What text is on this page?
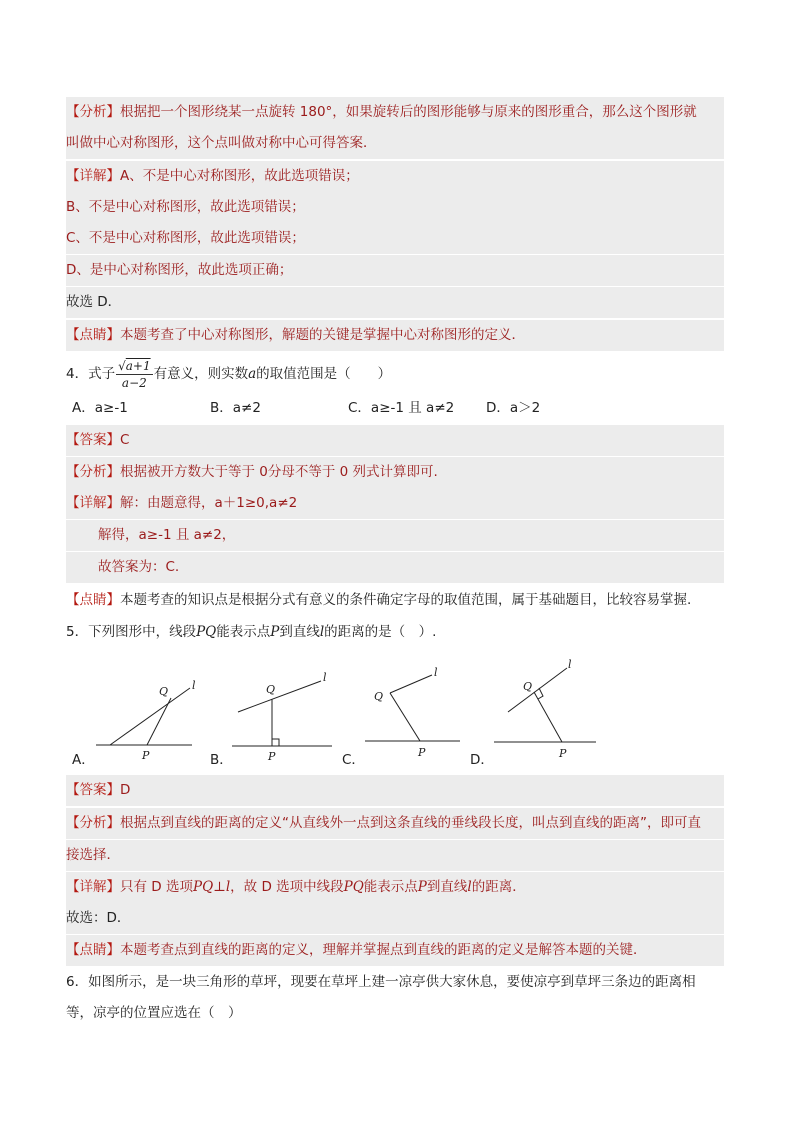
【分析】根据把一个图形绕某一点旋转 180°，如果旋转后的图形能够与原来的图形重合，那么这个图形就
叫做中心对称图形，这个点叫做对称中心可得答案．
【详解】A、不是中心对称图形，故此选项错误；
B、不是中心对称图形，故此选项错误；
C、不是中心对称图形，故此选项错误；
D、是中心对称图形，故此选项正确；
故选 D．
【点睛】本题考查了中心对称图形，解题的关键是掌握中心对称图形的定义．
4．式子 $\frac{√a+1}{a-2}$ 有意义，则实数a的取值范围是（　　）
A．a≥-1	B．a≠2	C．a≥-1 且 a≠2 D．a＞2
【答案】C
【分析】根据被开方数大于等于 0分母不等于 0 列式计算即可.
【详解】解：由题意得，a＋1≥0,a≠2
解得，a≥-1 且 a≠2，
故答案为：C.
【点睛】本题考查的知识点是根据分式有意义的条件确定字母的取值范围，属于基础题目，比较容易掌握.
5．下列图形中，线段PQ能表示点P到直线l的距离的是（　）.
A．
Q l
P	B．
Q
l
P	C．
Q
l
P	D．
Q
l
P
【答案】D
【分析】根据点到直线的距离的定义“从直线外一点到这条直线的垂线段长度，叫点到直线的距离”，即可直
接选择．
【详解】只有 D 选项PQ⊥l，故 D 选项中线段PQ能表示点P到直线l的距离．
故选：D．
【点睛】本题考查点到直线的距离的定义，理解并掌握点到直线的距离的定义是解答本题的关键．
6．如图所示，是一块三角形的草坪，现要在草坪上建一凉亭供大家休息，要使凉亭到草坪三条边的距离相
等，凉亭的位置应选在（　）
